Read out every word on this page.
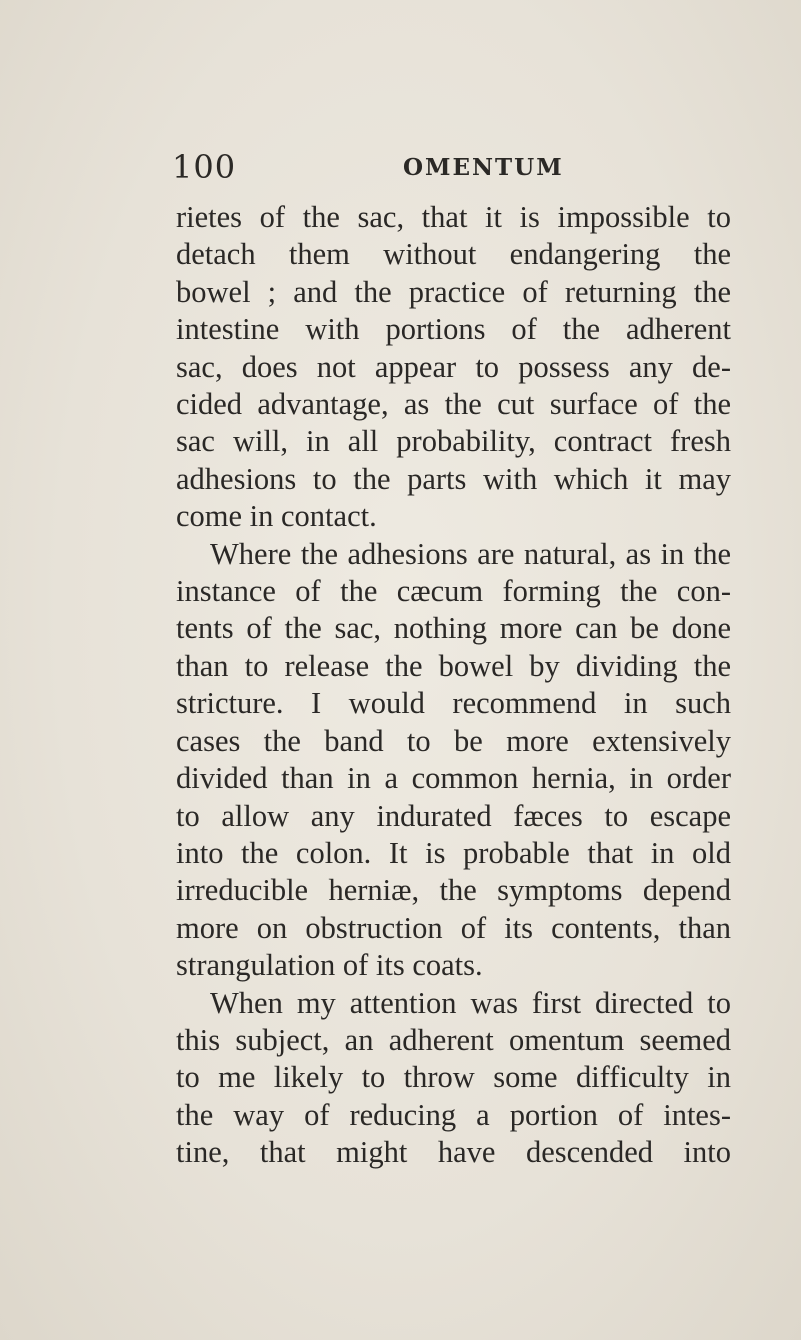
100	OMENTUM
rietes of the sac, that it is impossible to
detach them without endangering the
bowel ; and the practice of returning the
intestine with portions of the adherent
sac, does not appear to possess any de-
cided advantage, as the cut surface of the
sac will, in all probability, contract fresh
adhesions to the parts with which it may
come in contact.
Where the adhesions are natural, as in the
instance of the cæcum forming the con-
tents of the sac, nothing more can be done
than to release the bowel by dividing the
stricture. I would recommend in such
cases the band to be more extensively
divided than in a common hernia, in order
to allow any indurated fæces to escape
into the colon. It is probable that in old
irreducible herniæ, the symptoms depend
more on obstruction of its contents, than
strangulation of its coats.
When my attention was first directed to
this subject, an adherent omentum seemed
to me likely to throw some difficulty in
the way of reducing a portion of intes-
tine, that might have descended into
